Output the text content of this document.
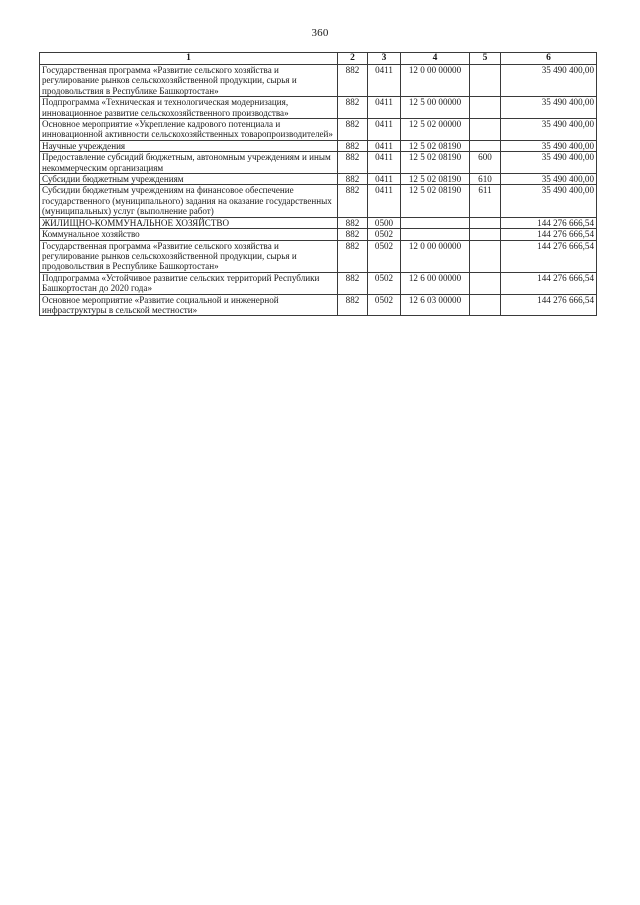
360
1	2	3	4	5	6
Государственная программа «Развитие сельского хозяйства и регулирование рынков сельскохозяйственной продукции, сырья и продовольствия в Республике Башкортостан»	882	0411	12 0 00 00000		35 490 400,00
Подпрограмма «Техническая и технологическая модернизация, инновационное развитие сельскохозяйственного производства»	882	0411	12 5 00 00000		35 490 400,00
Основное мероприятие «Укрепление кадрового потенциала и инновационной активности сельскохозяйственных товаропроизводителей»	882	0411	12 5 02 00000		35 490 400,00
Научные учреждения	882	0411	12 5 02 08190		35 490 400,00
Предоставление субсидий бюджетным, автономным учреждениям и иным некоммерческим организациям	882	0411	12 5 02 08190	600	35 490 400,00
Субсидии бюджетным учреждениям	882	0411	12 5 02 08190	610	35 490 400,00
Субсидии бюджетным учреждениям на финансовое обеспечение государственного (муниципального) задания на оказание государственных (муниципальных) услуг (выполнение работ)	882	0411	12 5 02 08190	611	35 490 400,00
ЖИЛИЩНО-КОММУНАЛЬНОЕ ХОЗЯЙСТВО	882	0500			144 276 666,54
Коммунальное хозяйство	882	0502			144 276 666,54
Государственная программа «Развитие сельского хозяйства и регулирование рынков сельскохозяйственной продукции, сырья и продовольствия в Республике Башкортостан»	882	0502	12 0 00 00000		144 276 666,54
Подпрограмма «Устойчивое развитие сельских территорий Республики Башкортостан до 2020 года»	882	0502	12 6 00 00000		144 276 666,54
Основное мероприятие «Развитие социальной и инженерной инфраструктуры в сельской местности»	882	0502	12 6 03 00000		144 276 666,54
